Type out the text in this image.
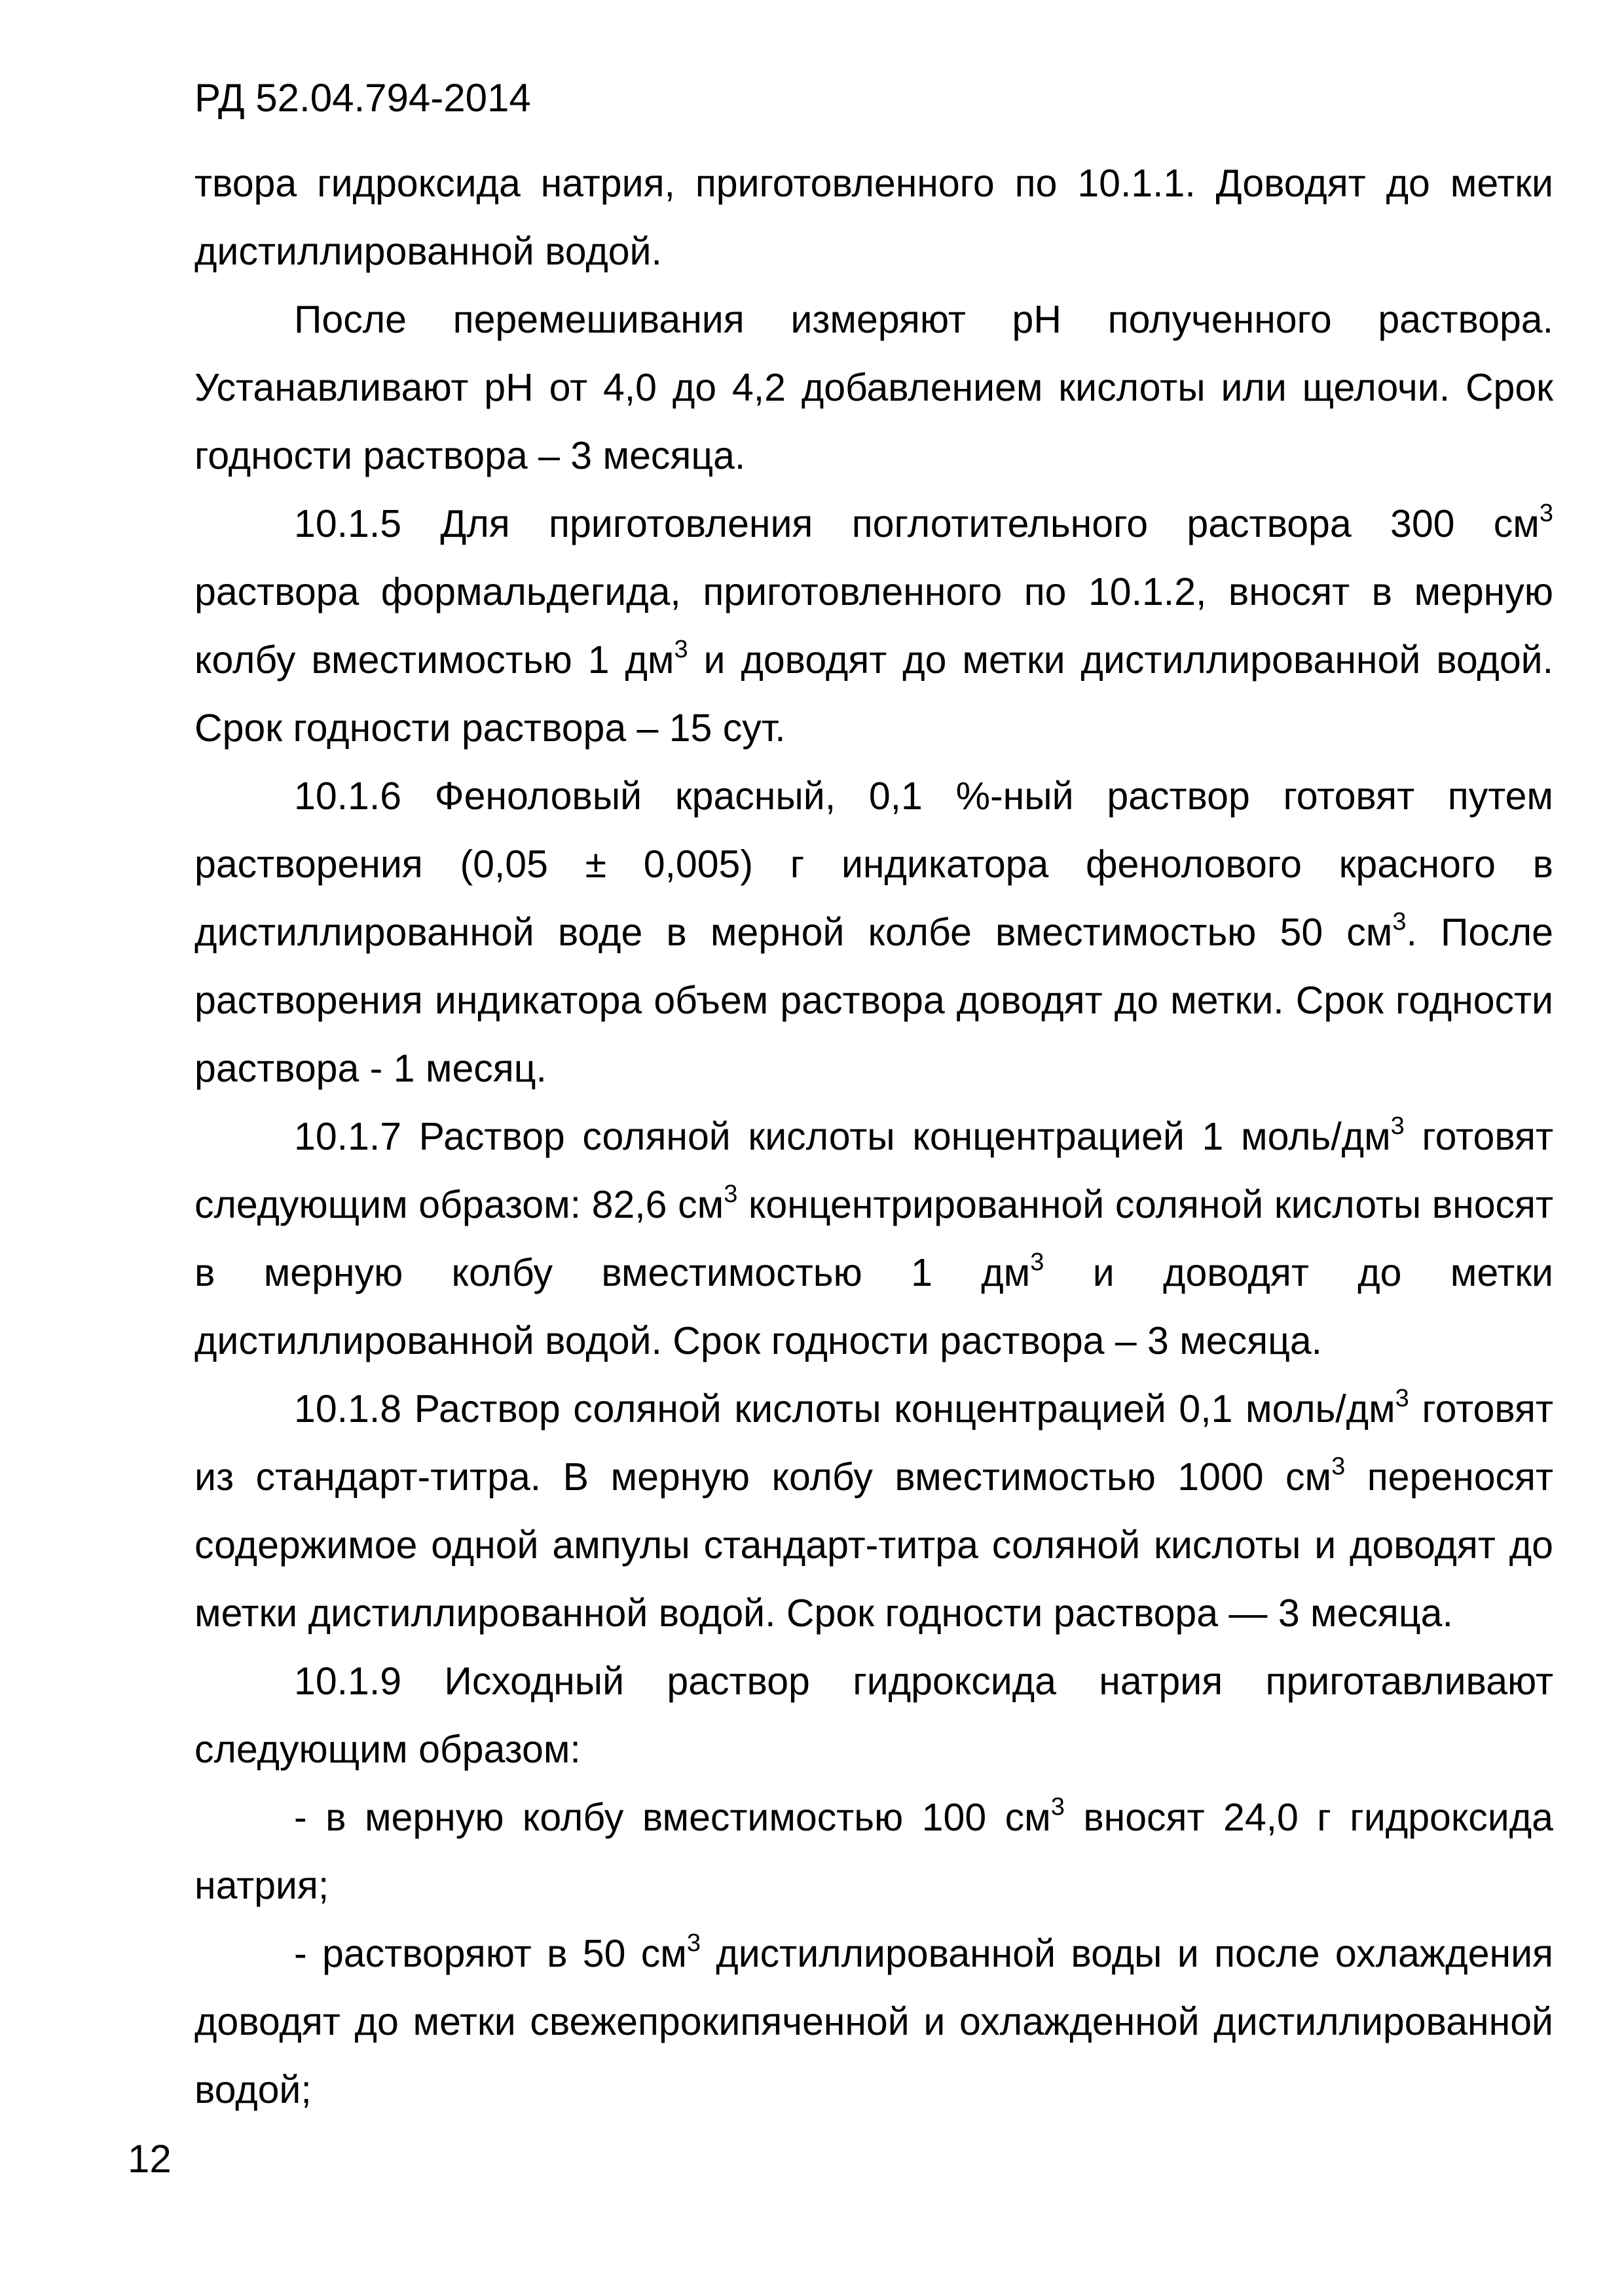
РД 52.04.794-2014

твора гидроксида натрия, приготовленного по 10.1.1. Доводят до метки дистиллированной водой.

После перемешивания измеряют pH полученного раствора. Устанавливают pH от 4,0 до 4,2 добавлением кислоты или щелочи. Срок годности раствора – 3 месяца.

10.1.5 Для приготовления поглотительного раствора 300 $см^3$ раствора формальдегида, приготовленного по 10.1.2, вносят в мерную колбу вместимостью 1 $дм^3$ и доводят до метки дистиллированной водой. Срок годности раствора – 15 сут.

10.1.6 Феноловый красный, 0,1 %-ный раствор готовят путем растворения (0,05 ± 0,005) г индикатора фенолового красного в дистиллированной воде в мерной колбе вместимостью 50 $см^3$. После растворения индикатора объем раствора доводят до метки. Срок годности раствора - 1 месяц.

10.1.7 Раствор соляной кислоты концентрацией 1 моль/$дм^3$ готовят следующим образом: 82,6 $см^3$ концентрированной соляной кислоты вносят в мерную колбу вместимостью 1 $дм^3$ и доводят до метки дистиллированной водой. Срок годности раствора – 3 месяца.

10.1.8 Раствор соляной кислоты концентрацией 0,1 моль/$дм^3$ готовят из стандарт-титра. В мерную колбу вместимостью 1000 $см^3$ переносят содержимое одной ампулы стандарт-титра соляной кислоты и доводят до метки дистиллированной водой. Срок годности раствора — 3 месяца.

10.1.9 Исходный раствор гидроксида натрия приготавливают следующим образом:

- в мерную колбу вместимостью 100 $см^3$ вносят 24,0 г гидроксида натрия;

- растворяют в 50 $см^3$ дистиллированной воды и после охлаждения доводят до метки свежепрокипяченной и охлажденной дистиллированной водой;

12
